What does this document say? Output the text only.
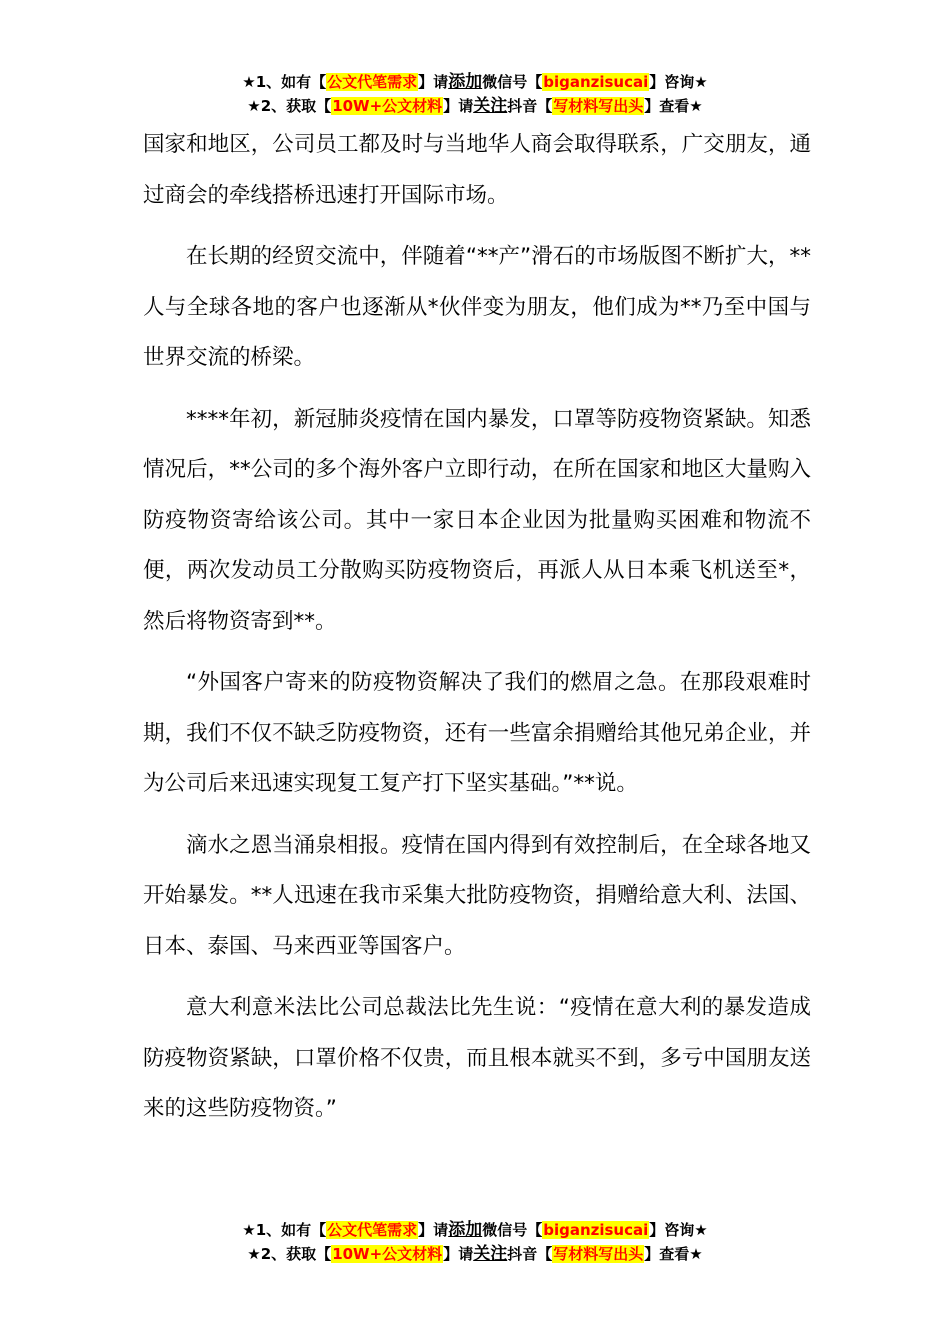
★1、如有【公文代笔需求】请添加微信号【biganzisucai】咨询★
★2、获取【10W+公文材料】请关注抖音【写材料写出头】查看★

国家和地区，公司员工都及时与当地华人商会取得联系，广交朋友，通过商会的牵线搭桥迅速打开国际市场。

在长期的经贸交流中，伴随着“**产”滑石的市场版图不断扩大，**人与全球各地的客户也逐渐从*伙伴变为朋友，他们成为**乃至中国与世界交流的桥梁。

****年初，新冠肺炎疫情在国内暴发，口罩等防疫物资紧缺。知悉情况后，**公司的多个海外客户立即行动，在所在国家和地区大量购入防疫物资寄给该公司。其中一家日本企业因为批量购买困难和物流不便，两次发动员工分散购买防疫物资后，再派人从日本乘飞机送至*，然后将物资寄到**。

“外国客户寄来的防疫物资解决了我们的燃眉之急。在那段艰难时期，我们不仅不缺乏防疫物资，还有一些富余捐赠给其他兄弟企业，并为公司后来迅速实现复工复产打下坚实基础。”**说。

滴水之恩当涌泉相报。疫情在国内得到有效控制后，在全球各地又开始暴发。**人迅速在我市采集大批防疫物资，捐赠给意大利、法国、日本、泰国、马来西亚等国客户。

意大利意米法比公司总裁法比先生说：“疫情在意大利的暴发造成防疫物资紧缺，口罩价格不仅贵，而且根本就买不到，多亏中国朋友送来的这些防疫物资。”

★1、如有【公文代笔需求】请添加微信号【biganzisucai】咨询★
★2、获取【10W+公文材料】请关注抖音【写材料写出头】查看★
